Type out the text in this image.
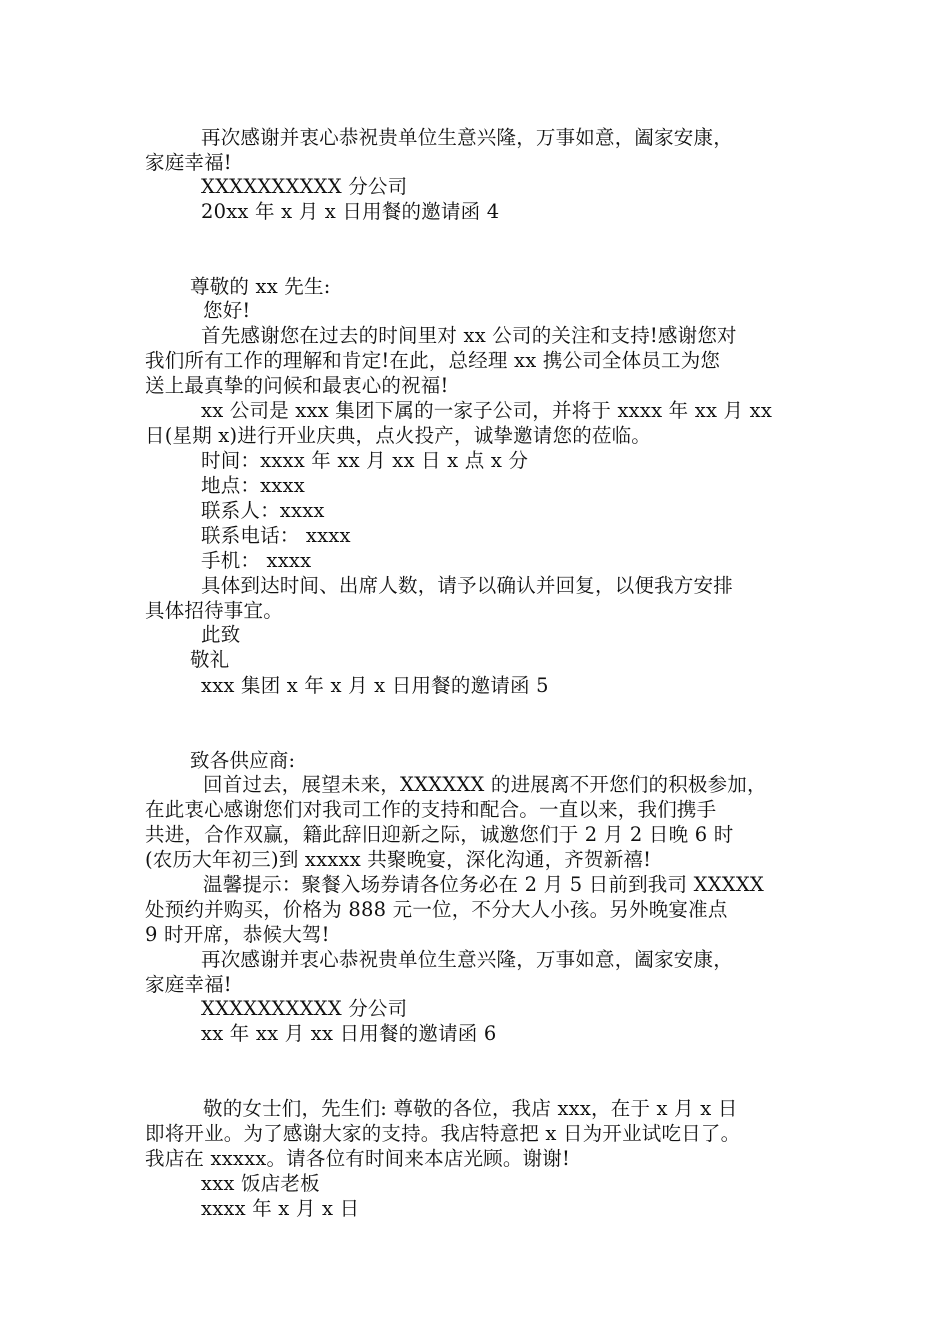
再次感谢并衷心恭祝贵单位生意兴隆，万事如意，阖家安康，
家庭幸福!
XXXXXXXXXX 分公司
20xx 年 x 月 x 日用餐的邀请函 4
尊敬的 xx 先生:
您好!
首先感谢您在过去的时间里对 xx 公司的关注和支持!感谢您对
我们所有工作的理解和肯定!在此，总经理 xx 携公司全体员工为您
送上最真挚的问候和最衷心的祝福!
xx 公司是 xxx 集团下属的一家子公司，并将于 xxxx 年 xx 月 xx
日(星期 x)进行开业庆典，点火投产，诚挚邀请您的莅临。
时间：xxxx 年 xx 月 xx 日 x 点 x 分
地点：xxxx
联系人：xxxx
联系电话： xxxx
手机： xxxx
具体到达时间、出席人数，请予以确认并回复，以便我方安排
具体招待事宜。
此致
敬礼
xxx 集团 x 年 x 月 x 日用餐的邀请函 5
致各供应商:
回首过去，展望未来，XXXXXX 的进展离不开您们的积极参加，
在此衷心感谢您们对我司工作的支持和配合。一直以来，我们携手
共进，合作双赢，籍此辞旧迎新之际，诚邀您们于 2 月 2 日晚 6 时
(农历大年初三)到 xxxxx 共聚晚宴，深化沟通，齐贺新禧!
温馨提示：聚餐入场券请各位务必在 2 月 5 日前到我司 XXXXX
处预约并购买，价格为 888 元一位，不分大人小孩。另外晚宴准点
9 时开席，恭候大驾!
再次感谢并衷心恭祝贵单位生意兴隆，万事如意，阖家安康，
家庭幸福!
XXXXXXXXXX 分公司
xx 年 xx 月 xx 日用餐的邀请函 6
敬的女士们，先生们: 尊敬的各位，我店 xxx，在于 x 月 x 日
即将开业。为了感谢大家的支持。我店特意把 x 日为开业试吃日了。
我店在 xxxxx。请各位有时间来本店光顾。谢谢!
xxx 饭店老板
xxxx 年 x 月 x 日
